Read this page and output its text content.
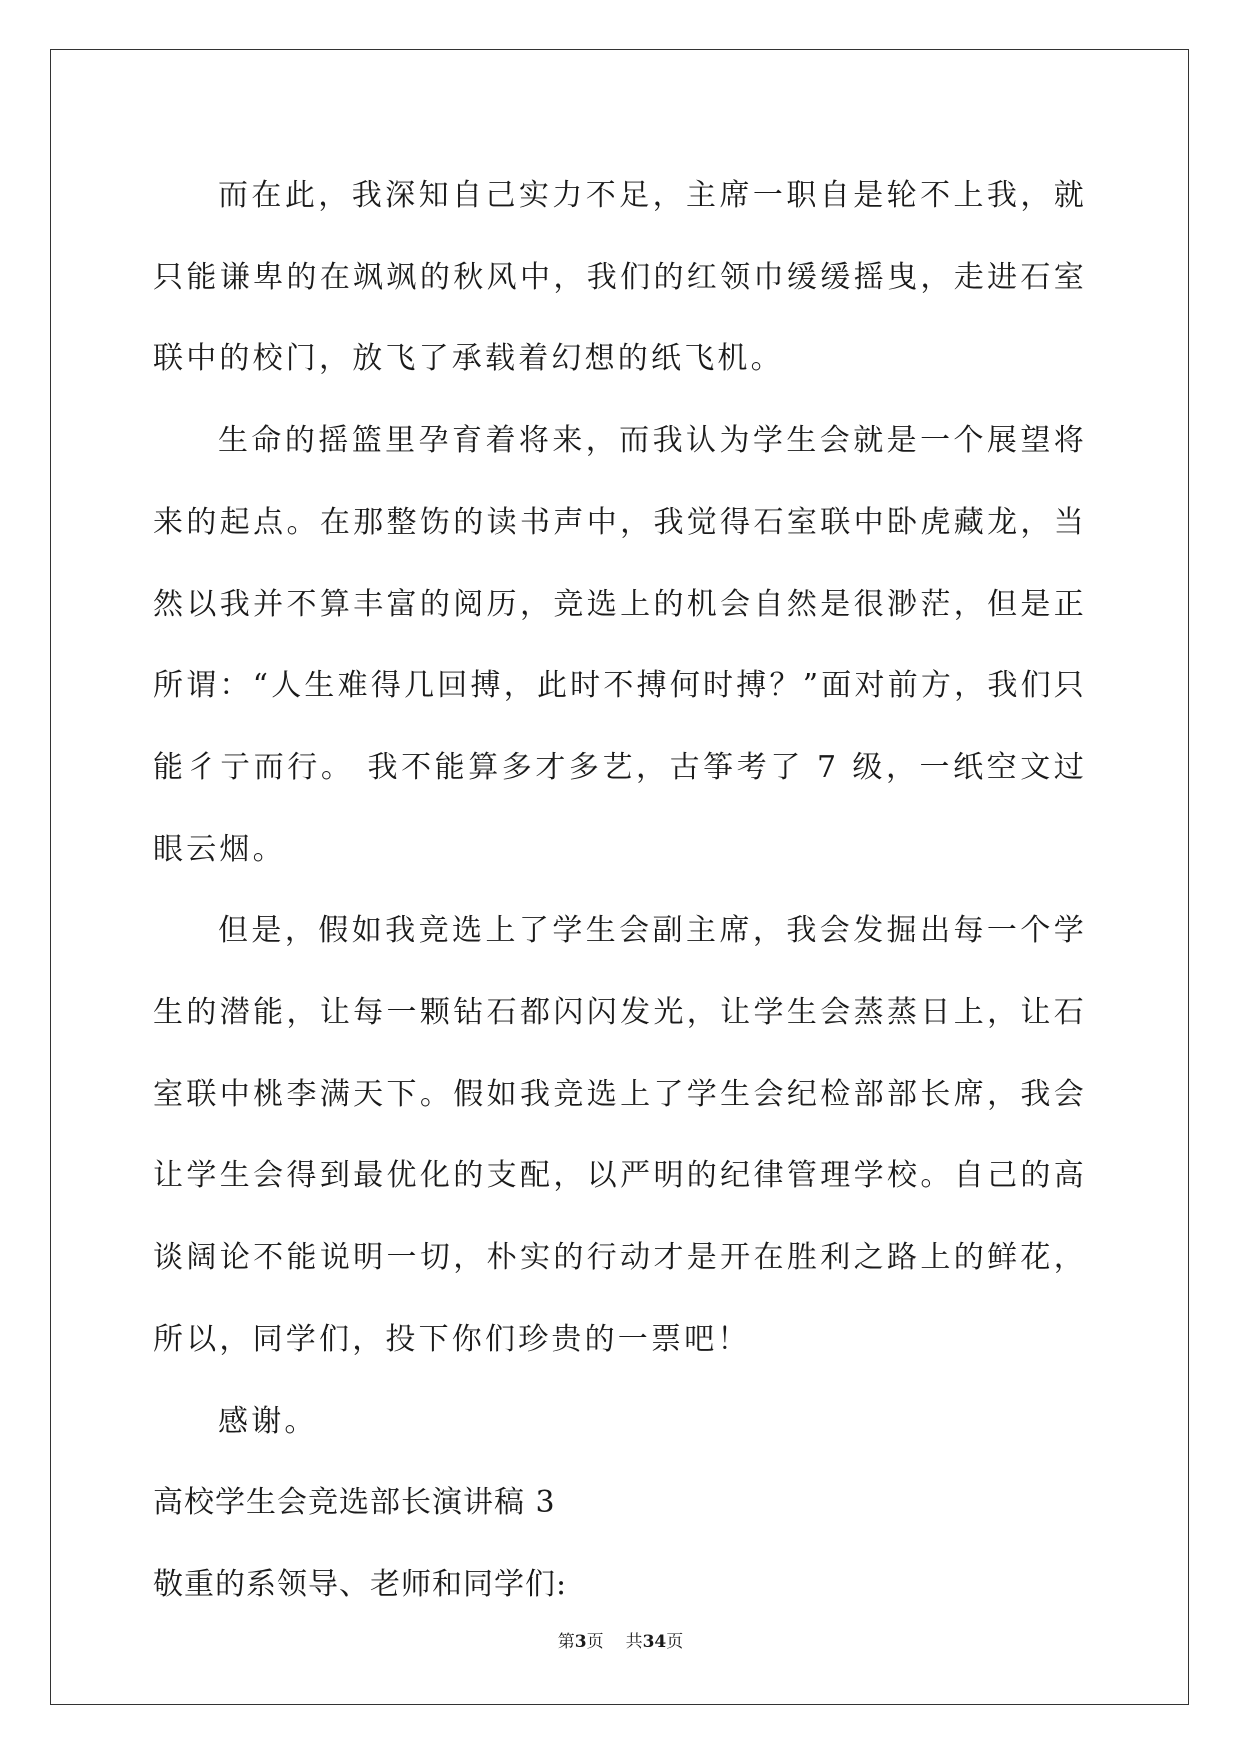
而在此，我深知自己实力不足，主席一职自是轮不上我，就只能谦卑的在飒飒的秋风中，我们的红领巾缓缓摇曳，走进石室联中的校门，放飞了承载着幻想的纸飞机。

生命的摇篮里孕育着将来，而我认为学生会就是一个展望将来的起点。在那整饬的读书声中，我觉得石室联中卧虎藏龙，当然以我并不算丰富的阅历，竞选上的机会自然是很渺茫，但是正所谓：“人生难得几回搏，此时不搏何时搏？”面对前方，我们只能彳亍而行。 我不能算多才多艺，古筝考了 7 级，一纸空文过眼云烟。

但是，假如我竞选上了学生会副主席，我会发掘出每一个学生的潜能，让每一颗钻石都闪闪发光，让学生会蒸蒸日上，让石室联中桃李满天下。假如我竞选上了学生会纪检部部长席，我会让学生会得到最优化的支配，以严明的纪律管理学校。自己的高谈阔论不能说明一切，朴实的行动才是开在胜利之路上的鲜花，所以，同学们，投下你们珍贵的一票吧！

感谢。

高校学生会竞选部长演讲稿 3

敬重的系领导、老师和同学们:

第3页 共34页
